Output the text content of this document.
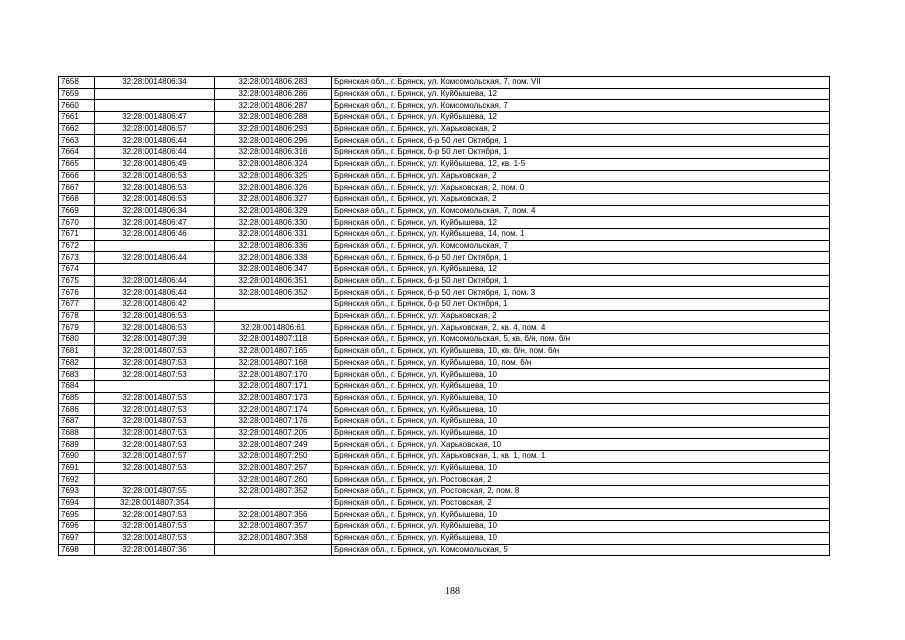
7658	32:28:0014806:34	32:28:0014806:283	Брянская обл., г. Брянск, ул. Комсомольская, 7, пом. VII
7659		32:28:0014806:286	Брянская обл., г. Брянск, ул. Куйбышева, 12
7660		32:28:0014806:287	Брянская обл., г. Брянск, ул. Комсомольская, 7
7661	32:28:0014806:47	32:28:0014806:288	Брянская обл., г. Брянск, ул. Куйбышева, 12
7662	32:28:0014806:57	32:28:0014806:293	Брянская обл., г. Брянск, ул. Харьковская, 2
7663	32:28:0014806:44	32:28:0014806:296	Брянская обл., г. Брянск, б-р 50 лет Октября, 1
7664	32:28:0014806:44	32:28:0014806:316	Брянская обл., г. Брянск, б-р 50 лет Октября, 1
7665	32:28:0014806:49	32:28:0014806:324	Брянская обл., г. Брянск, ул. Куйбышева, 12, кв. 1-5
7666	32:28:0014806:53	32:28:0014806:325	Брянская обл., г. Брянск, ул. Харьковская, 2
7667	32:28:0014806:53	32:28:0014806:326	Брянская обл., г. Брянск, ул. Харьковская, 2, пом. 0
7668	32:28:0014806:53	32:28:0014806:327	Брянская обл., г. Брянск, ул. Харьковская, 2
7669	32:28:0014806:34	32:28:0014806:329	Брянская обл., г. Брянск, ул. Комсомольская, 7, пом. 4
7670	32:28:0014806:47	32:28:0014806:330	Брянская обл., г. Брянск, ул. Куйбышева, 12
7671	32:28:0014806:46	32:28:0014806:331	Брянская обл., г. Брянск, ул. Куйбышева, 14, пом. 1
7672		32:28:0014806:336	Брянская обл., г. Брянск, ул. Комсомольская, 7
7673	32:28:0014806:44	32:28:0014806:338	Брянская обл., г. Брянск, б-р 50 лет Октября, 1
7674		32:28:0014806:347	Брянская обл., г. Брянск, ул. Куйбышева, 12
7675	32:28:0014806:44	32:28:0014806:351	Брянская обл., г. Брянск, б-р 50 лет Октября, 1
7676	32:28:0014806:44	32:28:0014806:352	Брянская обл., г. Брянск, б-р 50 лет Октября, 1, пом. 3
7677	32:28:0014806:42		Брянская обл., г. Брянск, б-р 50 лет Октября, 1
7678	32:28:0014806:53		Брянская обл., г. Брянск, ул. Харьковская, 2
7679	32:28:0014806:53	32:28:0014806:61	Брянская обл., г. Брянск, ул. Харьковская, 2, кв. 4, пом. 4
7680	32:28:0014807:39	32:28:0014807:118	Брянская обл., г. Брянск, ул. Комсомольская, 5, кв. б/н, пом. б/н
7681	32:28:0014807:53	32:28:0014807:165	Брянская обл., г. Брянск, ул. Куйбышева, 10, кв. б/н, пом. б/н
7682	32:28:0014807:53	32:28:0014807:168	Брянская обл., г. Брянск, ул. Куйбышева, 10, пом. б/н
7683	32:28:0014807:53	32:28:0014807:170	Брянская обл., г. Брянск, ул. Куйбышева, 10
7684		32:28:0014807:171	Брянская обл., г. Брянск, ул. Куйбышева, 10
7685	32:28:0014807:53	32:28:0014807:173	Брянская обл., г. Брянск, ул. Куйбышева, 10
7686	32:28:0014807:53	32:28:0014807:174	Брянская обл., г. Брянск, ул. Куйбышева, 10
7687	32:28:0014807:53	32:28:0014807:176	Брянская обл., г. Брянск, ул. Куйбышева, 10
7688	32:28:0014807:53	32:28:0014807:205	Брянская обл., г. Брянск, ул. Куйбышева, 10
7689	32:28:0014807:53	32:28:0014807:249	Брянская обл., г. Брянск, ул. Харьковская, 10
7690	32:28:0014807:57	32:28:0014807:250	Брянская обл., г. Брянск, ул. Харьковская, 1, кв. 1, пом. 1
7691	32:28:0014807:53	32:28:0014807:257	Брянская обл., г. Брянск, ул. Куйбышева, 10
7692		32:28:0014807:260	Брянская обл., г. Брянск, ул. Ростовская, 2
7693	32:28:0014807:55	32:28:0014807:352	Брянская обл., г. Брянск, ул. Ростовская, 2, пом. 8
7694	32:28:0014807:354		Брянская обл., г. Брянск, ул. Ростовская, 2
7695	32:28:0014807:53	32:28:0014807:356	Брянская обл., г. Брянск, ул. Куйбышева, 10
7696	32:28:0014807:53	32:28:0014807:357	Брянская обл., г. Брянск, ул. Куйбышева, 10
7697	32:28:0014807:53	32:28:0014807:358	Брянская обл., г. Брянск, ул. Куйбышева, 10
7698	32:28:0014807:36		Брянская обл., г. Брянск, ул. Комсомольская, 5
188
